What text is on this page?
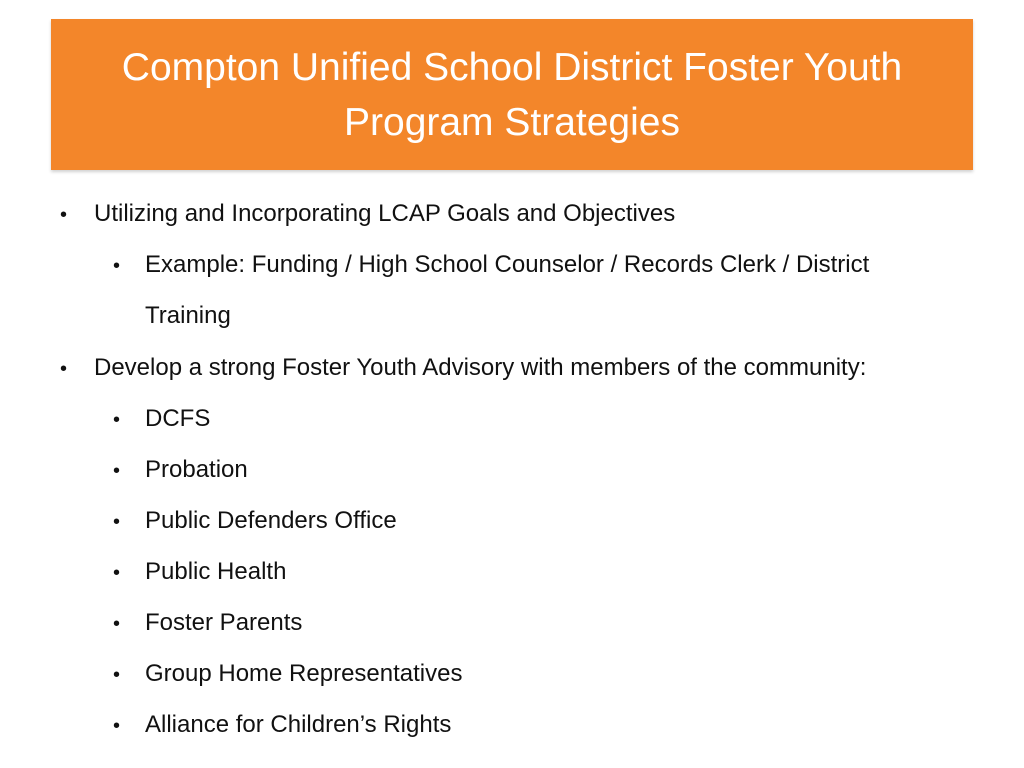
Compton Unified School District Foster Youth
Program Strategies
• Utilizing and Incorporating LCAP Goals and Objectives
• Example: Funding / High School Counselor / Records Clerk / District
Training
• Develop a strong Foster Youth Advisory with members of the community:
• DCFS
• Probation
• Public Defenders Office
• Public Health
• Foster Parents
• Group Home Representatives
• Alliance for Children’s Rights
